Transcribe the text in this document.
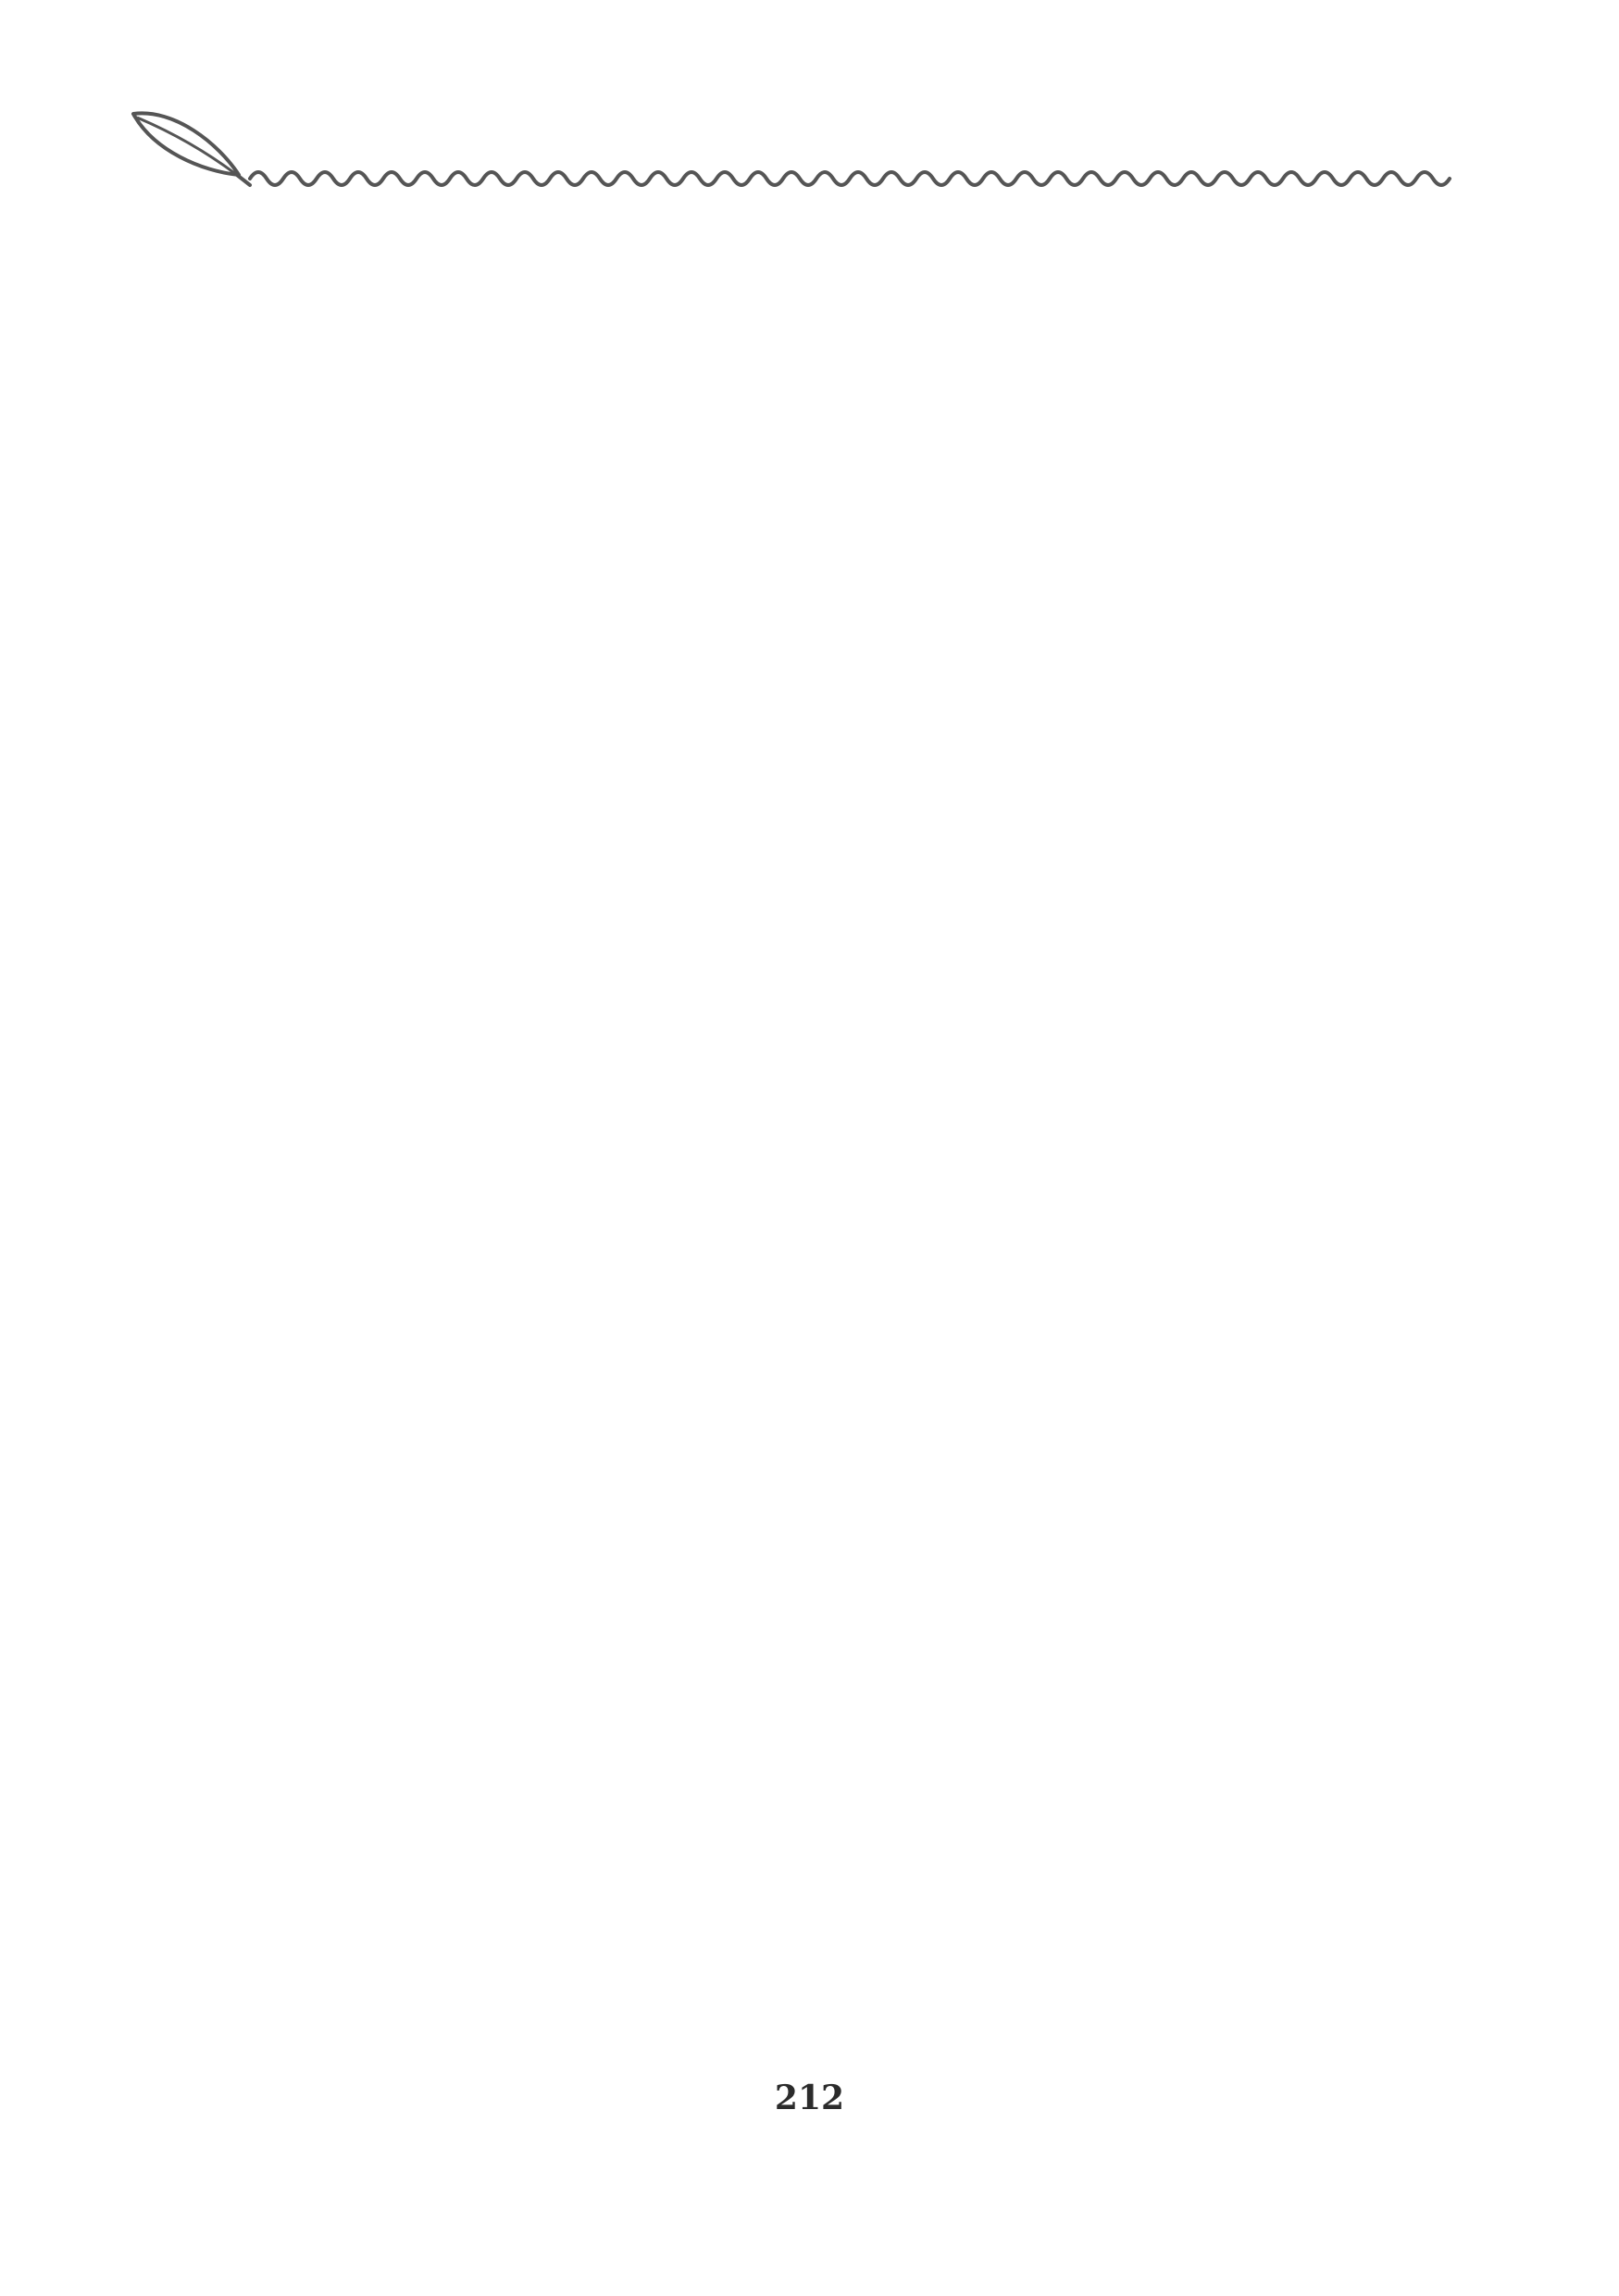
212
